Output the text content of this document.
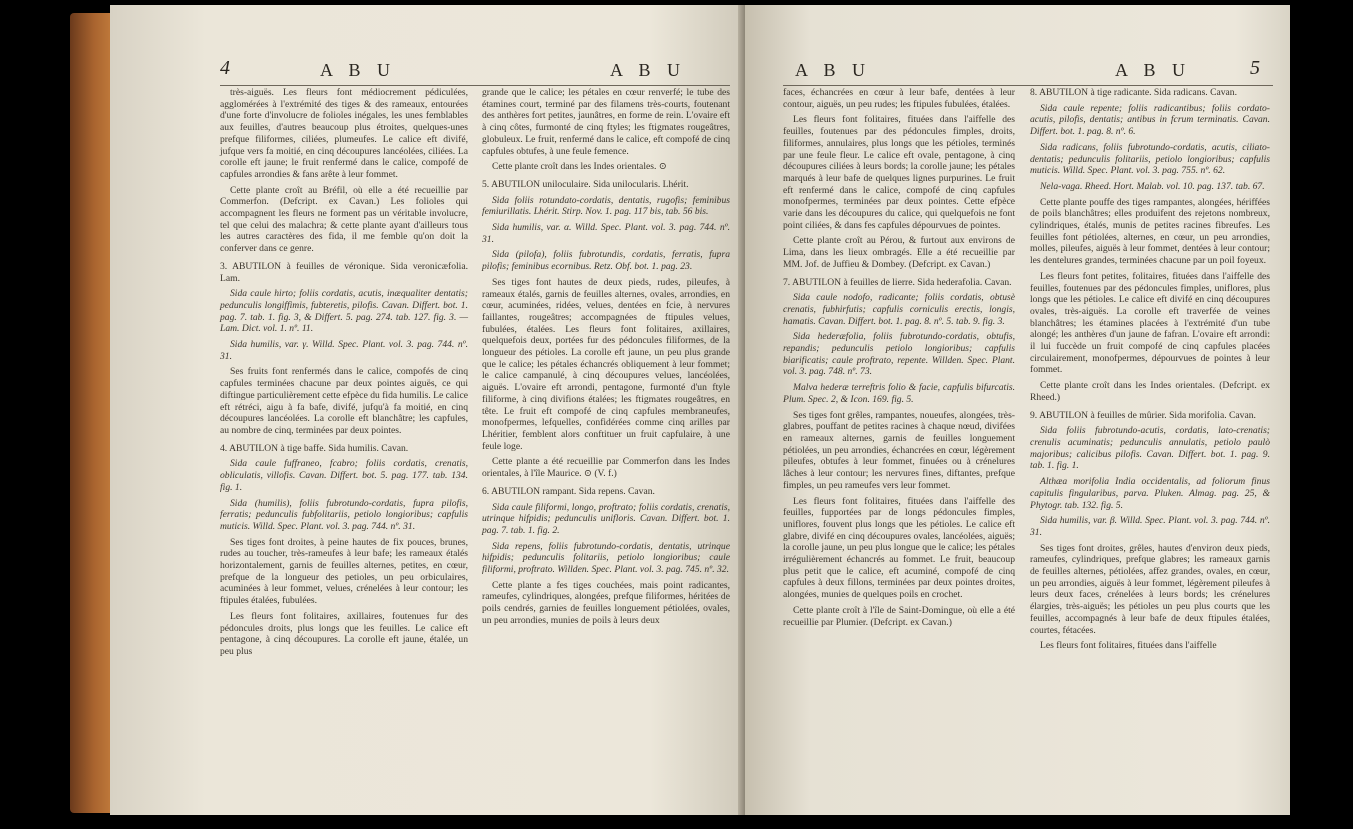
4	A B U	A B U

très-aiguës. Les fleurs font médiocrement pédiculées, agglomérées à l'extrémité des tiges & des rameaux, entourées d'une forte d'involucre de folioles inégales, les unes femblables aux feuilles, d'autres beaucoup plus étroites, quelques-unes prefque filiformes, ciliées, plumeufes. Le calice eft divifé, jufque vers fa moitié, en cinq découpures lancéolées, ciliées. La corolle eft jaune; le fruit renfermé dans le calice, compofé de capfules arrondies & fans arête à leur fommet.

Cette plante croît au Bréfil, où elle a été recueillie par Commerfon. (Defcript. ex Cavan.) Les folioles qui accompagnent les fleurs ne forment pas un véritable involucre, tel que celui des malachra; & cette plante ayant d'ailleurs tous les autres caractères des fida, il me femble qu'on doit la conferver dans ce genre.

3. ABUTILON à feuilles de véronique. Sida veronicæfolia. Lam.

Sida caule hirto; foliis cordatis, acutis, inæqualiter dentatis; pedunculis longiffimis, fubteretis, pilofis. Cavan. Differt. bot. 1. pag. 7. tab. 1. fig. 3, & Differt. 5. pag. 274. tab. 127. fig. 3. — Lam. Dict. vol. 1. nº. 11.

Sida humilis, var. γ. Willd. Spec. Plant. vol. 3. pag. 744. nº. 31.

Ses fruits font renfermés dans le calice, compofés de cinq capfules terminées chacune par deux pointes aiguës, ce qui diftingue particulièrement cette efpèce du fida humilis. Le calice eft rétréci, aigu à fa bafe, divifé, jufqu'à fa moitié, en cinq découpures lancéolées. La corolle eft blanchâtre; les capfules, au nombre de cinq, terminées par deux pointes.

4. ABUTILON à tige baffe. Sida humilis. Cavan.

Sida caule fuffraneo, fcabro; foliis cordatis, crenatis, obliculatis, villofis. Cavan. Differt. bot. 5. pag. 177. tab. 134. fig. 1.

Sida (humilis), foliis fubrotundo-cordatis, fupra pilofis, ferratis; pedunculis fubfolitariis, petiolo longioribus; capfulis muticis. Willd. Spec. Plant. vol. 3. pag. 744. nº. 31.

Ses tiges font droites, à peine hautes de fix pouces, brunes, rudes au toucher, très-rameufes à leur bafe; les rameaux étalés horizontalement, garnis de feuilles alternes, petites, en cœur, prefque de la longueur des petioles, un peu orbiculaires, acuminées à leur fommet, velues, crénelées à leur contour; les ftipules étalées, fubulées.

Les fleurs font folitaires, axillaires, foutenues fur des pédoncules droits, plus longs que les feuilles. Le calice eft pentagone, à cinq découpures. La corolle eft jaune, étalée, un peu plus

grande que le calice; les pétales en cœur renverfé; le tube des étamines court, terminé par des filamens très-courts, foutenant des anthères fort petites, jaunâtres, en forme de rein. L'ovaire eft à cinq côtes, furmonté de cinq ftyles; les ftigmates rougeâtres, globuleux. Le fruit, renfermé dans le calice, eft compofé de cinq capfules obtufes, à une feule femence.

Cette plante croît dans les Indes orientales. ⊙

5. ABUTILON uniloculaire. Sida unilocularis. Lhérit.

Sida foliis rotundato-cordatis, dentatis, rugofis; feminibus femiurillatis. Lhérit. Stirp. Nov. 1. pag. 117 bis, tab. 56 bis.

Sida humilis, var. α. Willd. Spec. Plant. vol. 3. pag. 744. nº. 31.

Sida (pilofa), foliis fubrotundis, cordatis, ferratis, fupra pilofis; feminibus ecornibus. Retz. Obf. bot. 1. pag. 23.

Ses tiges font hautes de deux pieds, rudes, pileufes, à rameaux étalés, garnis de feuilles alternes, ovales, arrondies, en cœur, acuminées, ridées, velues, dentées en fcie, à nervures faillantes, rougeâtres; accompagnées de ftipules velues, fubulées, étalées. Les fleurs font folitaires, axillaires, quelquefois deux, portées fur des pédoncules filiformes, de la longueur des pétioles. La corolle eft jaune, un peu plus grande que le calice; les pétales échancrés obliquement à leur fommet; le calice campanulé, à cinq découpures velues, lancéolées, aiguës. L'ovaire eft arrondi, pentagone, furmonté d'un ftyle filiforme, à cinq divifions étalées; les ftigmates rougeâtres, en tête. Le fruit eft compofé de cinq capfules membraneufes, monofpermes, lefquelles, confidérées comme cinq arilles par Lhéritier, femblent alors conftituer un fruit capfulaire, à une feule loge.

Cette plante a été recueillie par Commerfon dans les Indes orientales, à l'île Maurice. ⊙ (V. f.)

6. ABUTILON rampant. Sida repens. Cavan.

Sida caule filiformi, longo, proftrato; foliis cordatis, crenatis, utrinque hifpidis; pedunculis unifloris. Cavan. Differt. bot. 1. pag. 7. tab. 1. fig. 2.

Sida repens, foliis fubrotundo-cordatis, dentatis, utrinque hifpidis; pedunculis folitariis, petiolo longioribus; caule filiformi, proftrato. Willden. Spec. Plant. vol. 3. pag. 745. nº. 32.

Cette plante a fes tiges couchées, mais point radicantes, rameufes, cylindriques, alongées, prefque filiformes, héritées de poils cendrés, garnies de feuilles longuement pétiolées, ovales, un peu arrondies, munies de poils à leurs deux

A B U	A B U	5

faces, échancrées en cœur à leur bafe, dentées à leur contour, aiguës, un peu rudes; les ftipules fubulées, étalées.

Les fleurs font folitaires, fituées dans l'aiffelle des feuilles, foutenues par des pédoncules fimples, droits, filiformes, annulaires, plus longs que les pétioles, terminés par une feule fleur. Le calice eft ovale, pentagone, à cinq découpures ciliées à leurs bords; la corolle jaune; les pétales marqués à leur bafe de quelques lignes purpurines. Le fruit eft renfermé dans le calice, compofé de cinq capfules monofpermes, terminées par deux pointes. Cette efpèce varie dans les découpures du calice, qui quelquefois ne font point ciliées, & dans fes capfules dépourvues de pointes.

Cette plante croît au Pérou, & furtout aux environs de Lima, dans les lieux ombragés. Elle a été recueillie par MM. Jof. de Juffieu & Dombey. (Defcript. ex Cavan.)

7. ABUTILON à feuilles de lierre. Sida hederafolia. Cavan.

Sida caule nodofo, radicante; foliis cordatis, obtusè crenatis, fubhirfutis; capfulis corniculis erectis, longis, hamatis. Cavan. Differt. bot. 1. pag. 8. nº. 5. tab. 9. fig. 3.

Sida hederæfolia, foliis fubrotundo-cordatis, obtufis, repandis; pedunculis petiolo longioribus; capfulis biarificatis; caule proftrato, repente. Willden. Spec. Plant. vol. 3. pag. 748. nº. 73.

Malva hederæ terreftris folio & facie, capfulis bifurcatis. Plum. Spec. 2, & Icon. 169. fig. 5.

Ses tiges font grêles, rampantes, noueufes, alongées, très-glabres, pouffant de petites racines à chaque nœud, divifées en rameaux alternes, garnis de feuilles longuement pétiolées, un peu arrondies, échancrées en cœur, légèrement pileufes, obtufes à leur fommet, finuées ou à crénelures lâches à leur contour; les nervures fines, diftantes, prefque fimples, un peu rameufes vers leur fommet.

Les fleurs font folitaires, fituées dans l'aiffelle des feuilles, fupportées par de longs pédoncules fimples, uniflores, fouvent plus longs que les pétioles. Le calice eft glabre, divifé en cinq découpures ovales, lancéolées, aiguës; la corolle jaune, un peu plus longue que le calice; les pétales irrégulièrement échancrés au fommet. Le fruit, beaucoup plus petit que le calice, eft acuminé, compofé de cinq capfules à deux fillons, terminées par deux pointes droites, alongées, munies de quelques poils en crochet.

Cette plante croît à l'île de Saint-Domingue, où elle a été recueillie par Plumier. (Defcript. ex Cavan.)

8. ABUTILON à tige radicante. Sida radicans. Cavan.

Sida caule repente; foliis radicantibus; foliis cordato-acutis, pilofis, dentatis; antibus in fcrum terminatis. Cavan. Differt. bot. 1. pag. 8. nº. 6.

Sida radicans, foliis fubrotundo-cordatis, acutis, ciliato-dentatis; pedunculis folitariis, petiolo longioribus; capfulis muticis. Willd. Spec. Plant. vol. 3. pag. 755. nº. 62.

Nela-vaga. Rheed. Hort. Malab. vol. 10. pag. 137. tab. 67.

Cette plante pouffe des tiges rampantes, alongées, hériffées de poils blanchâtres; elles produifent des rejetons nombreux, cylindriques, étalés, munis de petites racines fibreufes. Les feuilles font pétiolées, alternes, en cœur, un peu arrondies, molles, pileufes, aiguës à leur fommet, dentées à leur contour; les dentelures grandes, terminées chacune par un poil foyeux.

Les fleurs font petites, folitaires, fituées dans l'aiffelle des feuilles, foutenues par des pédoncules fimples, uniflores, plus longs que les pétioles. Le calice eft divifé en cinq découpures ovales, très-aiguës. La corolle eft traverfée de veines blanchâtres; les étamines placées à l'extrémité d'un tube alongé; les anthères d'un jaune de fafran. L'ovaire eft arrondi: il lui fuccède un fruit compofé de cinq capfules placées circulairement, monofpermes, dépourvues de pointes à leur fommet.

Cette plante croît dans les Indes orientales. (Defcript. ex Rheed.)

9. ABUTILON à feuilles de mûrier. Sida morifolia. Cavan.

Sida foliis fubrotundo-acutis, cordatis, lato-crenatis; crenulis acuminatis; pedunculis annulatis, petiolo paulò majoribus; calicibus pilofis. Cavan. Differt. bot. 1. pag. 9. tab. 1. fig. 1.

Althæa morifolia India occidentalis, ad foliorum finus capitulis fingularibus, parva. Pluken. Almag. pag. 25, & Phytogr. tab. 132. fig. 5.

Sida humilis, var. β. Willd. Spec. Plant. vol. 3. pag. 744. nº. 31.

Ses tiges font droites, grêles, hautes d'environ deux pieds, rameufes, cylindriques, prefque glabres; les rameaux garnis de feuilles alternes, pétiolées, affez grandes, ovales, en cœur, un peu arrondies, aiguës à leur fommet, légèrement pileufes à leurs deux faces, crénelées à leurs bords; les crénelures élargies, très-aiguës; les pétioles un peu plus courts que les feuilles, accompagnés à leur bafe de deux ftipules étalées, courtes, fétacées.

Les fleurs font folitaires, fituées dans l'aiffelle
